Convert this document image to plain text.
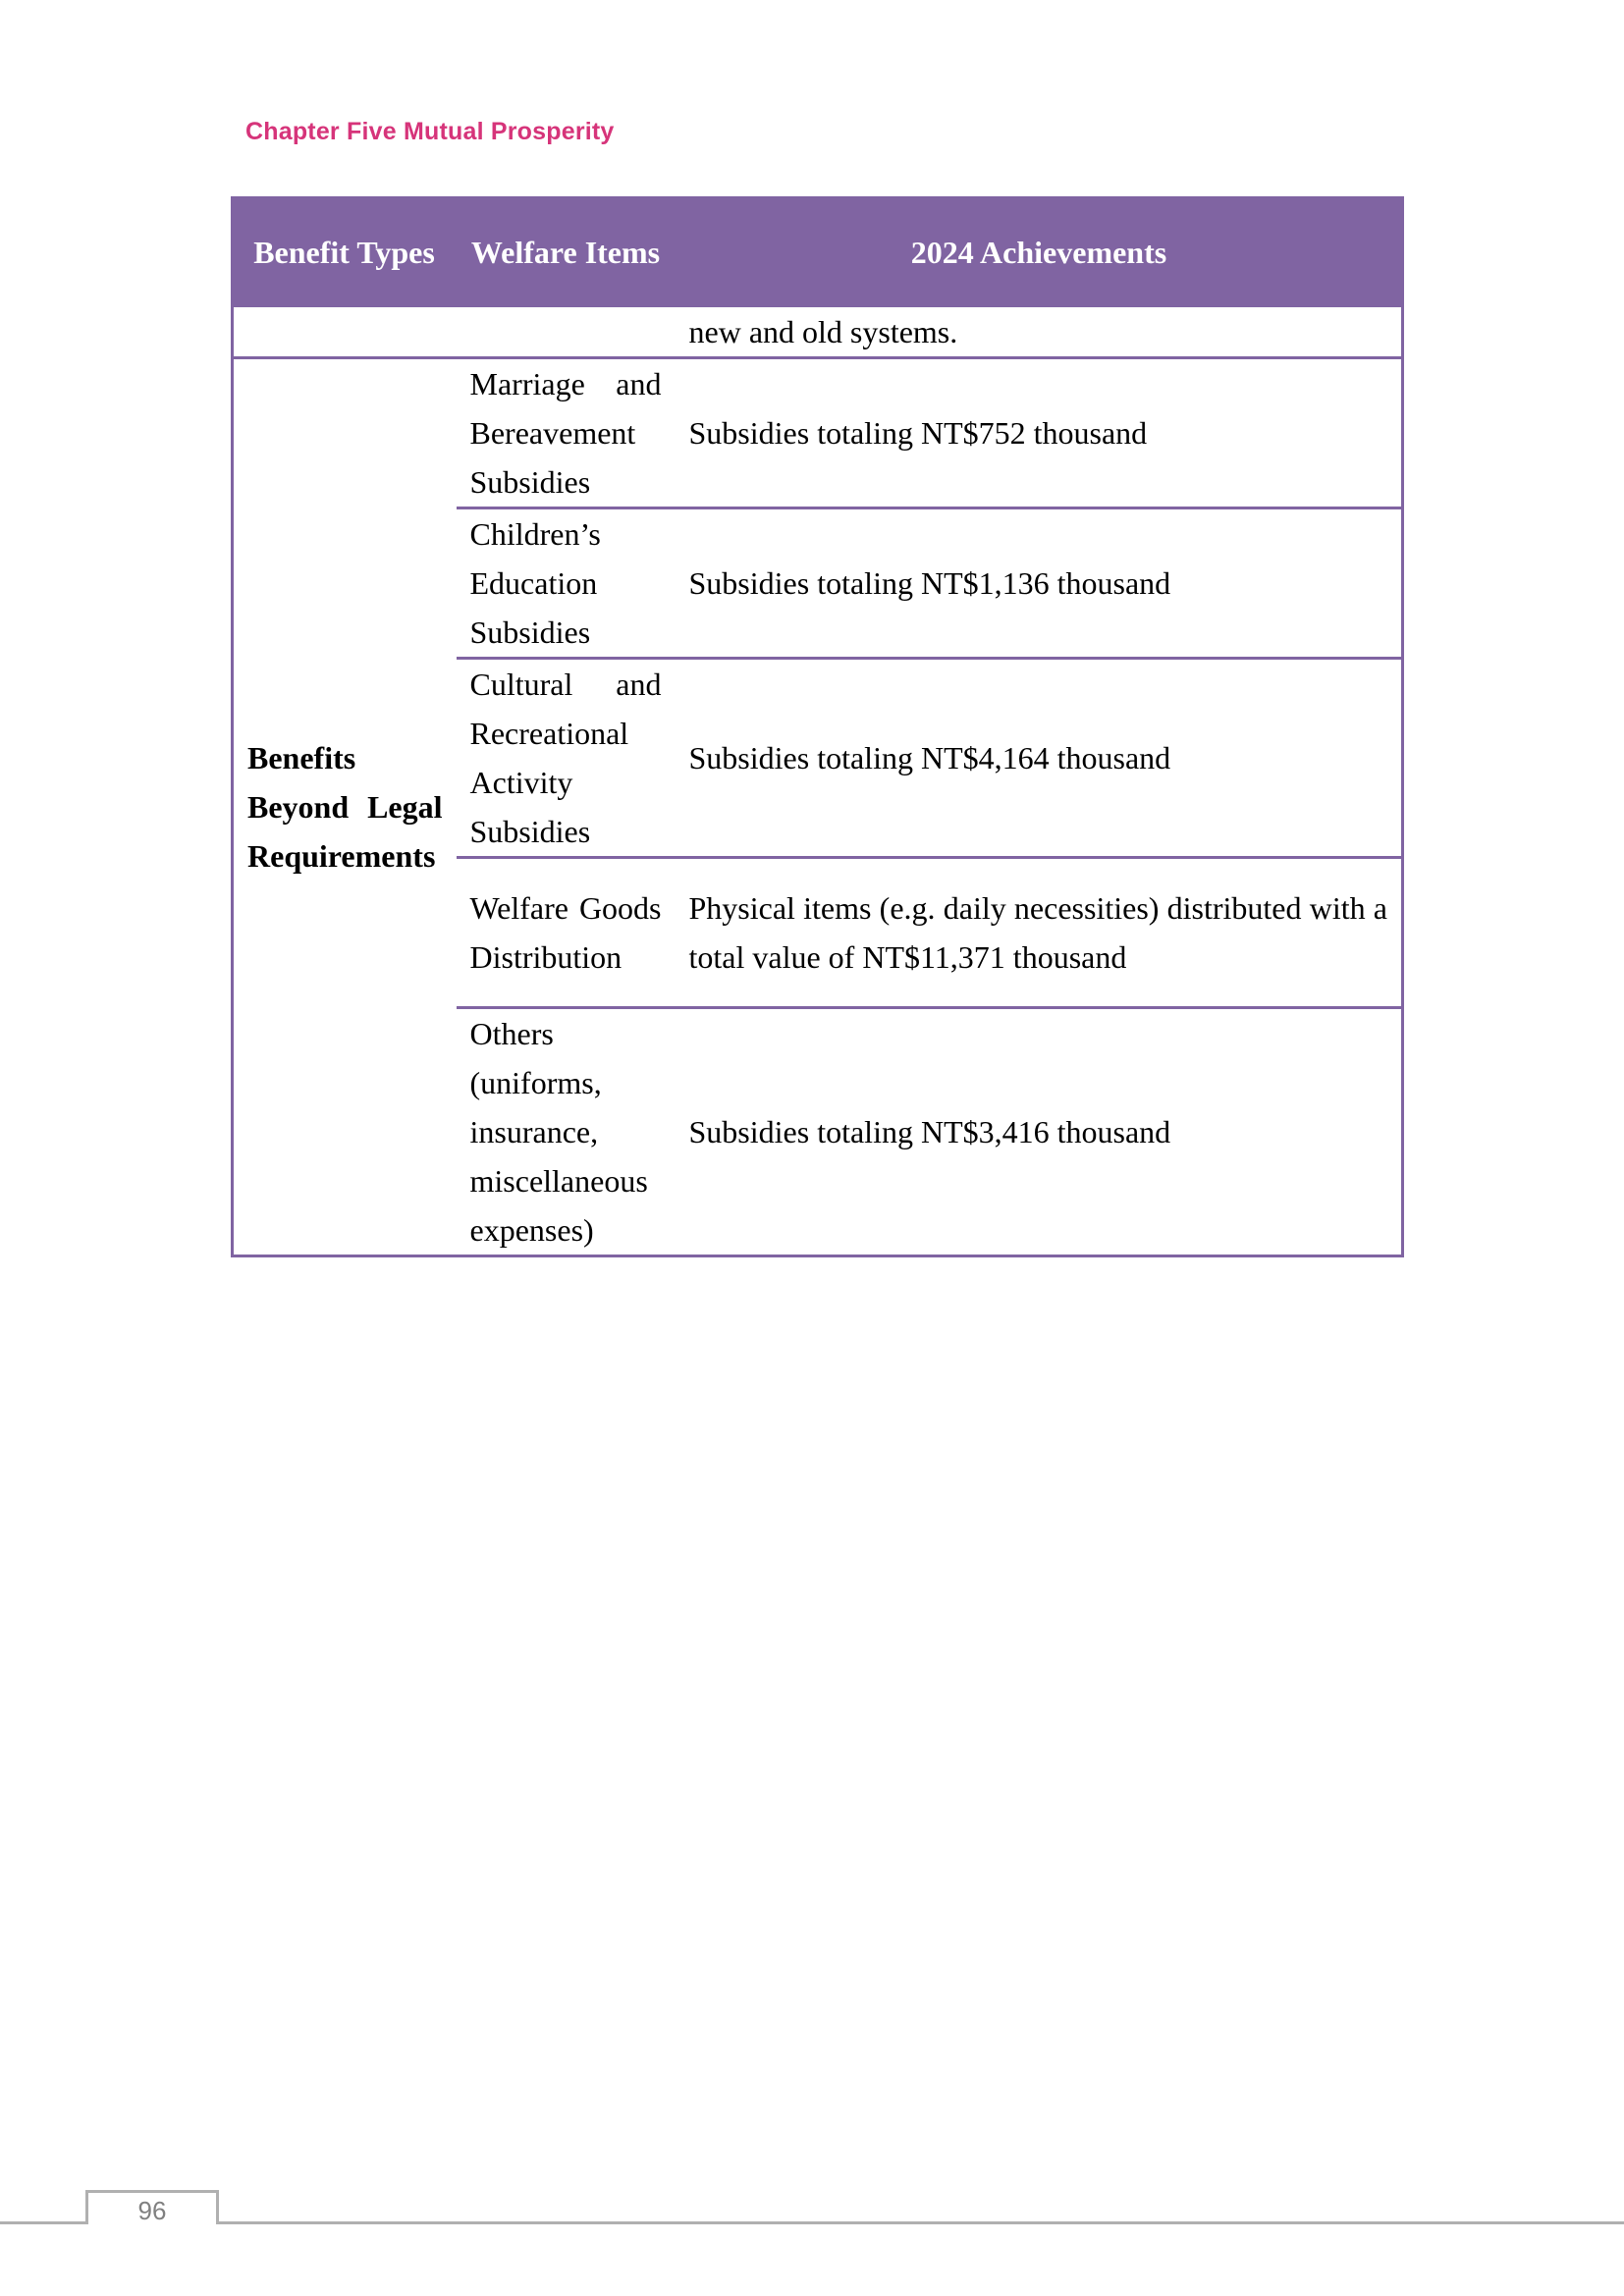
Chapter Five Mutual Prosperity
Benefit Types	Welfare Items	2024 Achievements
		new and old systems.
Benefits Beyond Legal Requirements	Marriage and Bereavement Subsidies	Subsidies totaling NT$752 thousand
	Children’s Education Subsidies	Subsidies totaling NT$1,136 thousand
	Cultural and Recreational Activity Subsidies	Subsidies totaling NT$4,164 thousand
	Welfare Goods Distribution	Physical items (e.g. daily necessities) distributed with a total value of NT$11,371 thousand
	Others (uniforms, insurance, miscellaneous expenses)	Subsidies totaling NT$3,416 thousand
96
